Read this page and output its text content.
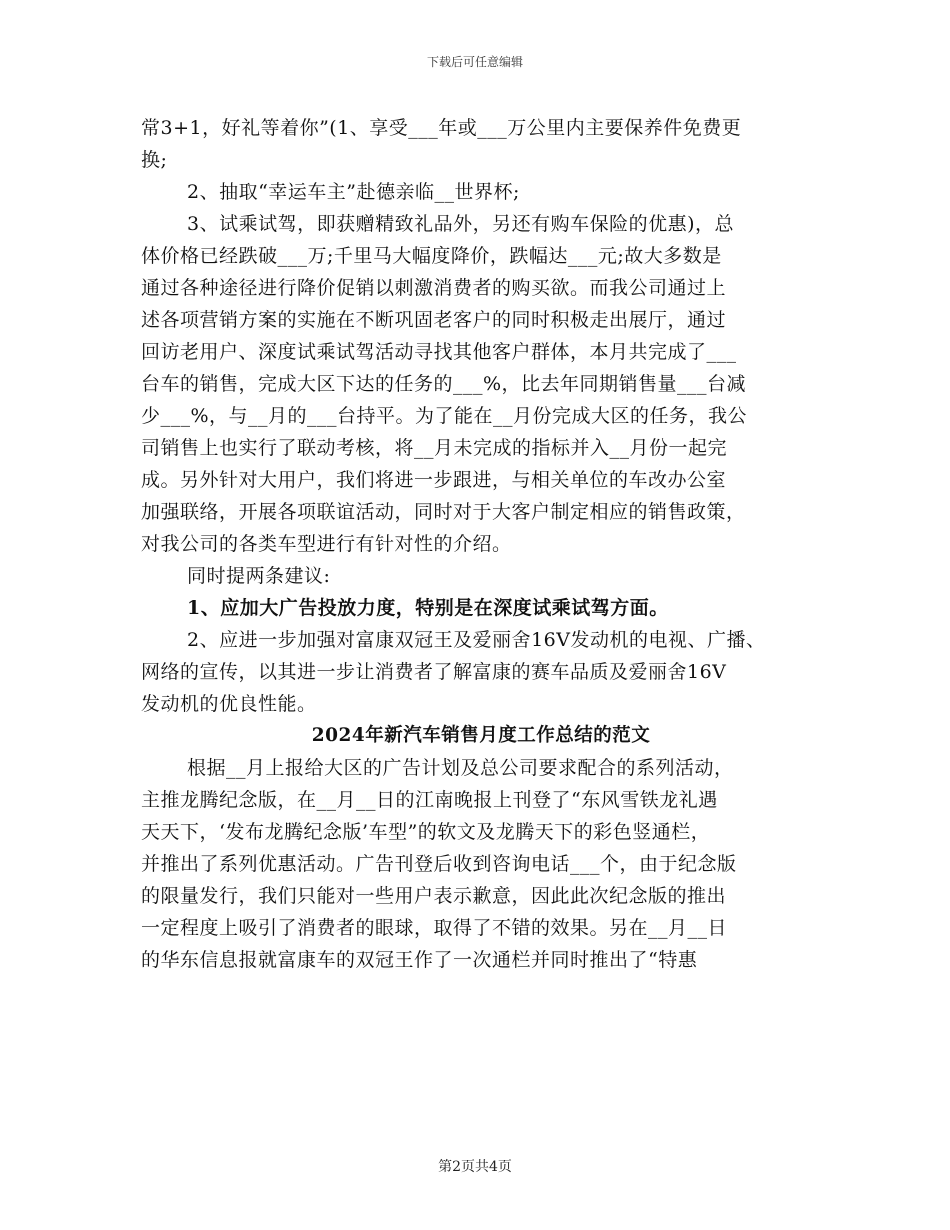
下载后可任意编辑
常3+1，好礼等着你”(1、享受___年或___万公里内主要保养件免费更
换;
2、抽取“幸运车主”赴德亲临__世界杯;
3、试乘试驾，即获赠精致礼品外，另还有购车保险的优惠)，总
体价格已经跌破___万;千里马大幅度降价，跌幅达___元;故大多数是
通过各种途径进行降价促销以刺激消费者的购买欲。而我公司通过上
述各项营销方案的实施在不断巩固老客户的同时积极走出展厅，通过
回访老用户、深度试乘试驾活动寻找其他客户群体，本月共完成了___
台车的销售，完成大区下达的任务的___%，比去年同期销售量___台减
少___%，与__月的___台持平。为了能在__月份完成大区的任务，我公
司销售上也实行了联动考核，将__月未完成的指标并入__月份一起完
成。另外针对大用户，我们将进一步跟进，与相关单位的车改办公室
加强联络，开展各项联谊活动，同时对于大客户制定相应的销售政策，
对我公司的各类车型进行有针对性的介绍。
同时提两条建议:
1、应加大广告投放力度，特别是在深度试乘试驾方面。
2、应进一步加强对富康双冠王及爱丽舍16V发动机的电视、广播、
网络的宣传，以其进一步让消费者了解富康的赛车品质及爱丽舍16V
发动机的优良性能。
2024年新汽车销售月度工作总结的范文
根据__月上报给大区的广告计划及总公司要求配合的系列活动，
主推龙腾纪念版，在__月__日的江南晚报上刊登了“东风雪铁龙礼遇
天天下，‘发布龙腾纪念版’车型”的软文及龙腾天下的彩色竖通栏，
并推出了系列优惠活动。广告刊登后收到咨询电话___个，由于纪念版
的限量发行，我们只能对一些用户表示歉意，因此此次纪念版的推出
一定程度上吸引了消费者的眼球，取得了不错的效果。另在__月__日
的华东信息报就富康车的双冠王作了一次通栏并同时推出了“特惠
第2页共4页
